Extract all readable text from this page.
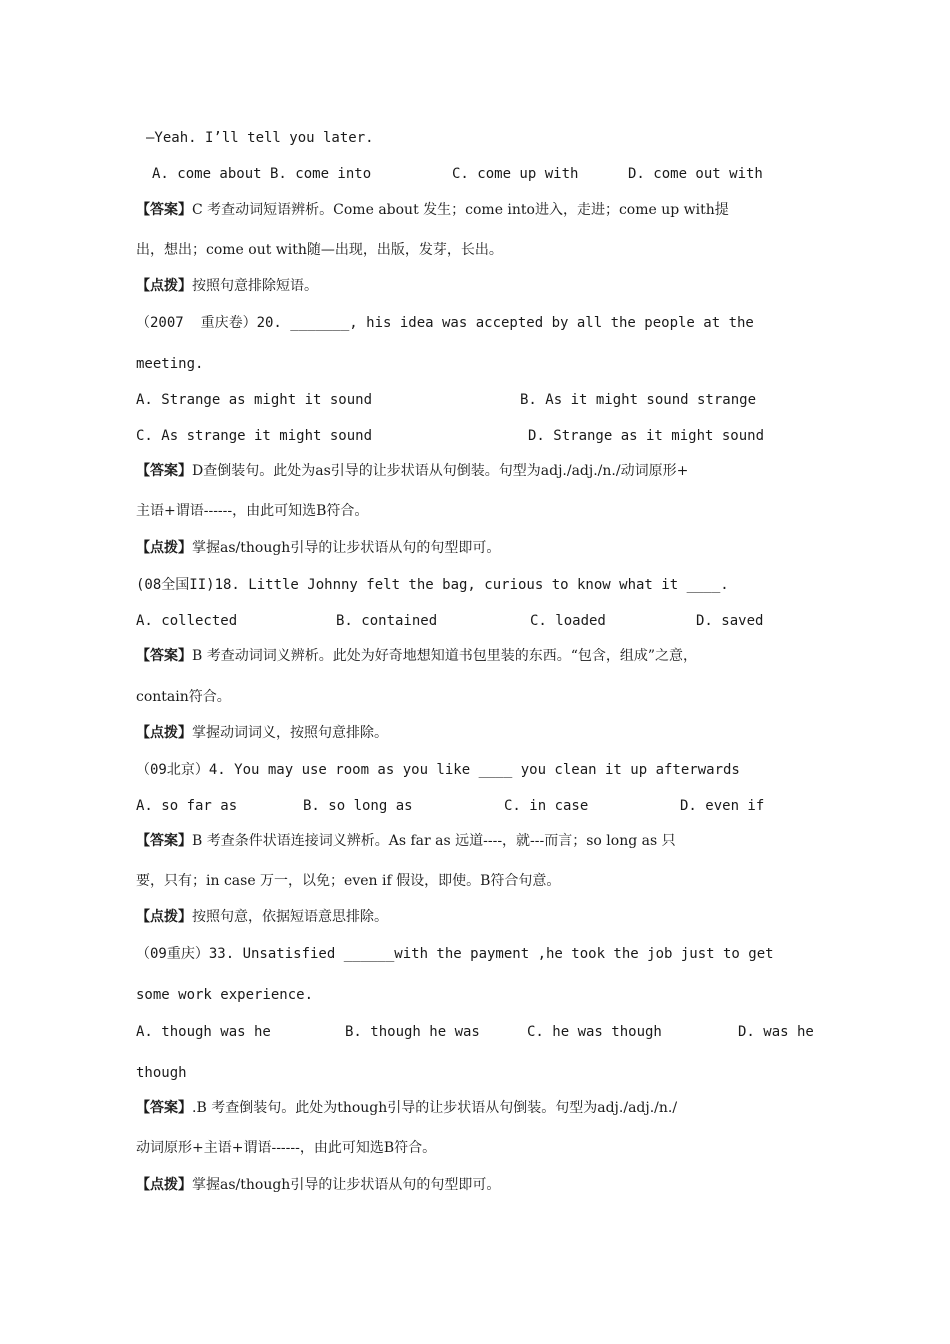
—Yeah. I’ll tell you later.
A. come about B. come into	C. come up with	D. come out with
【答案】C 考查动词短语辨析。Come about 发生；come into进入，走进；come up with提
出，想出；come out with随—出现，出版，发芽，长出。
【点拨】按照句意排除短语。
（2007  重庆卷）20. _______, his idea was accepted by all the people at the
meeting.
A. Strange as might it sound	B. As it might sound strange
C. As strange it might sound	D. Strange as it might sound
【答案】D查倒装句。此处为as引导的让步状语从句倒装。句型为adj./adj./n./动词原形+
主语+谓语------，由此可知选B符合。
【点拨】掌握as/though引导的让步状语从句的句型即可。
(08全国II)18. Little Johnny felt the bag, curious to know what it ____.
A. collected	B. contained	C. loaded	D. saved
【答案】B 考查动词词义辨析。此处为好奇地想知道书包里装的东西。“包含，组成”之意，
contain符合。
【点拨】掌握动词词义，按照句意排除。
（09北京）4. You may use room as you like ____ you clean it up afterwards
A. so far as	B. so long as	C. in case	D. even if
【答案】B 考查条件状语连接词义辨析。As far as 远道----，就---而言；so long as 只
要，只有；in case 万一，以免；even if 假设，即使。B符合句意。
【点拨】按照句意，依据短语意思排除。
（09重庆）33. Unsatisfied ______with the payment ,he took the job just to get
some work experience.
A. though was he	B. though he was	C. he was though	D. was he
though
【答案】.B 考查倒装句。此处为though引导的让步状语从句倒装。句型为adj./adj./n./
动词原形+主语+谓语------，由此可知选B符合。
【点拨】掌握as/though引导的让步状语从句的句型即可。
